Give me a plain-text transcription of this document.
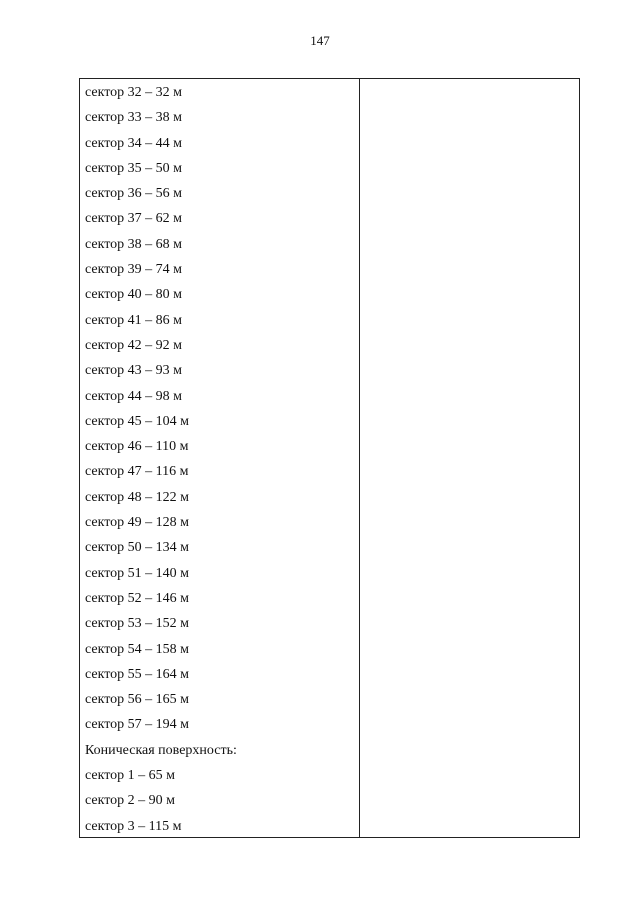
147
сектор 32 – 32 м
сектор 33 – 38 м
сектор 34 – 44 м
сектор 35 – 50 м
сектор 36 – 56 м
сектор 37 – 62 м
сектор 38 – 68 м
сектор 39 – 74 м
сектор 40 – 80 м
сектор 41 – 86 м
сектор 42 – 92 м
сектор 43 – 93 м
сектор 44 – 98 м
сектор 45 – 104 м
сектор 46 – 110 м
сектор 47 – 116 м
сектор 48 – 122 м
сектор 49 – 128 м
сектор 50 – 134 м
сектор 51 – 140 м
сектор 52 – 146 м
сектор 53 – 152 м
сектор 54 – 158 м
сектор 55 – 164 м
сектор 56 – 165 м
сектор 57 – 194 м
Коническая поверхность:
сектор 1 – 65 м
сектор 2 – 90 м
сектор 3 – 115 м
